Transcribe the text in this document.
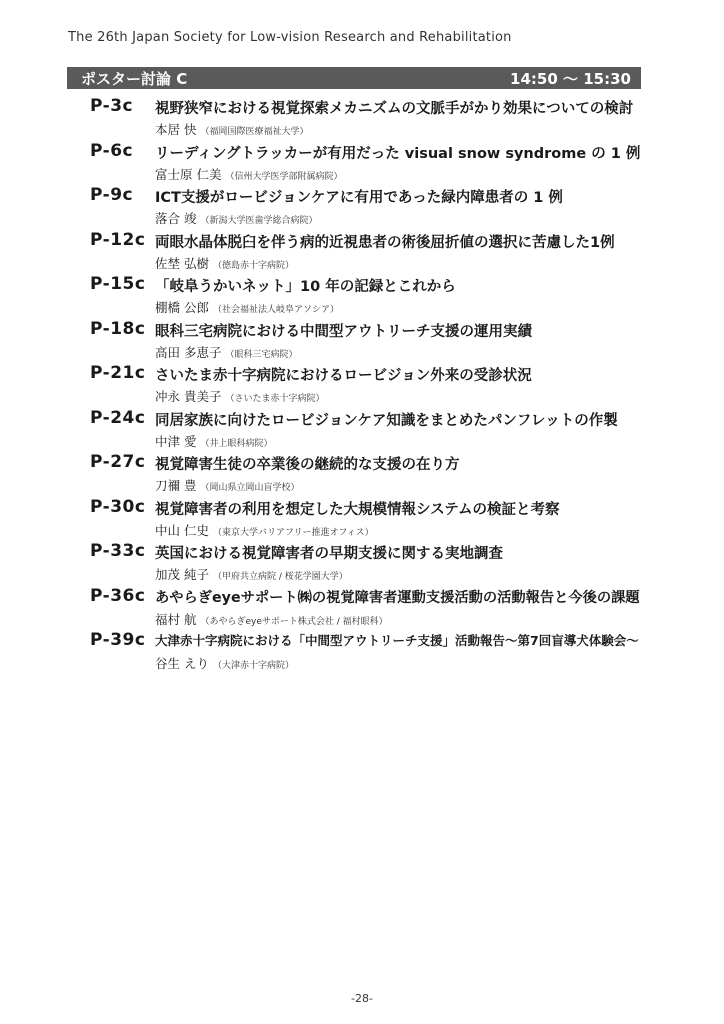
The 26th Japan Society for Low-vision Research and Rehabilitation
ポスター討論 C	14:50 ～ 15:30
P-3c 視野狭窄における視覚探索メカニズムの文脈手がかり効果についての検討
本居 快 （福岡国際医療福祉大学）
P-6c リーディングトラッカーが有用だった visual snow syndrome の 1 例
富士原 仁美 （信州大学医学部附属病院）
P-9c ICT支援がロービジョンケアに有用であった緑内障患者の 1 例
落合 竣 （新潟大学医歯学総合病院）
P-12c 両眼水晶体脱臼を伴う病的近視患者の術後屈折値の選択に苦慮した1例
佐埜 弘樹 （徳島赤十字病院）
P-15c 「岐阜うかいネット」10 年の記録とこれから
棚橋 公郎 （社会福祉法人岐阜アソシア）
P-18c 眼科三宅病院における中間型アウトリーチ支援の運用実績
高田 多恵子 （眼科三宅病院）
P-21c さいたま赤十字病院におけるロービジョン外来の受診状況
冲永 貴美子 （さいたま赤十字病院）
P-24c 同居家族に向けたロービジョンケア知識をまとめたパンフレットの作製
中津 愛 （井上眼科病院）
P-27c 視覚障害生徒の卒業後の継続的な支援の在り方
刀禰 豊 （岡山県立岡山盲学校）
P-30c 視覚障害者の利用を想定した大規模情報システムの検証と考察
中山 仁史 （東京大学バリアフリー推進オフィス）
P-33c 英国における視覚障害者の早期支援に関する実地調査
加茂 純子 （甲府共立病院 / 桜花学園大学）
P-36c あやらぎeyeサポート㈱の視覚障害者運動支援活動の活動報告と今後の課題
福村 航 （あやらぎeyeサポート株式会社 / 福村眼科）
P-39c 大津赤十字病院における「中間型アウトリーチ支援」活動報告～第7回盲導犬体験会～
谷生 えり （大津赤十字病院）
-28-
